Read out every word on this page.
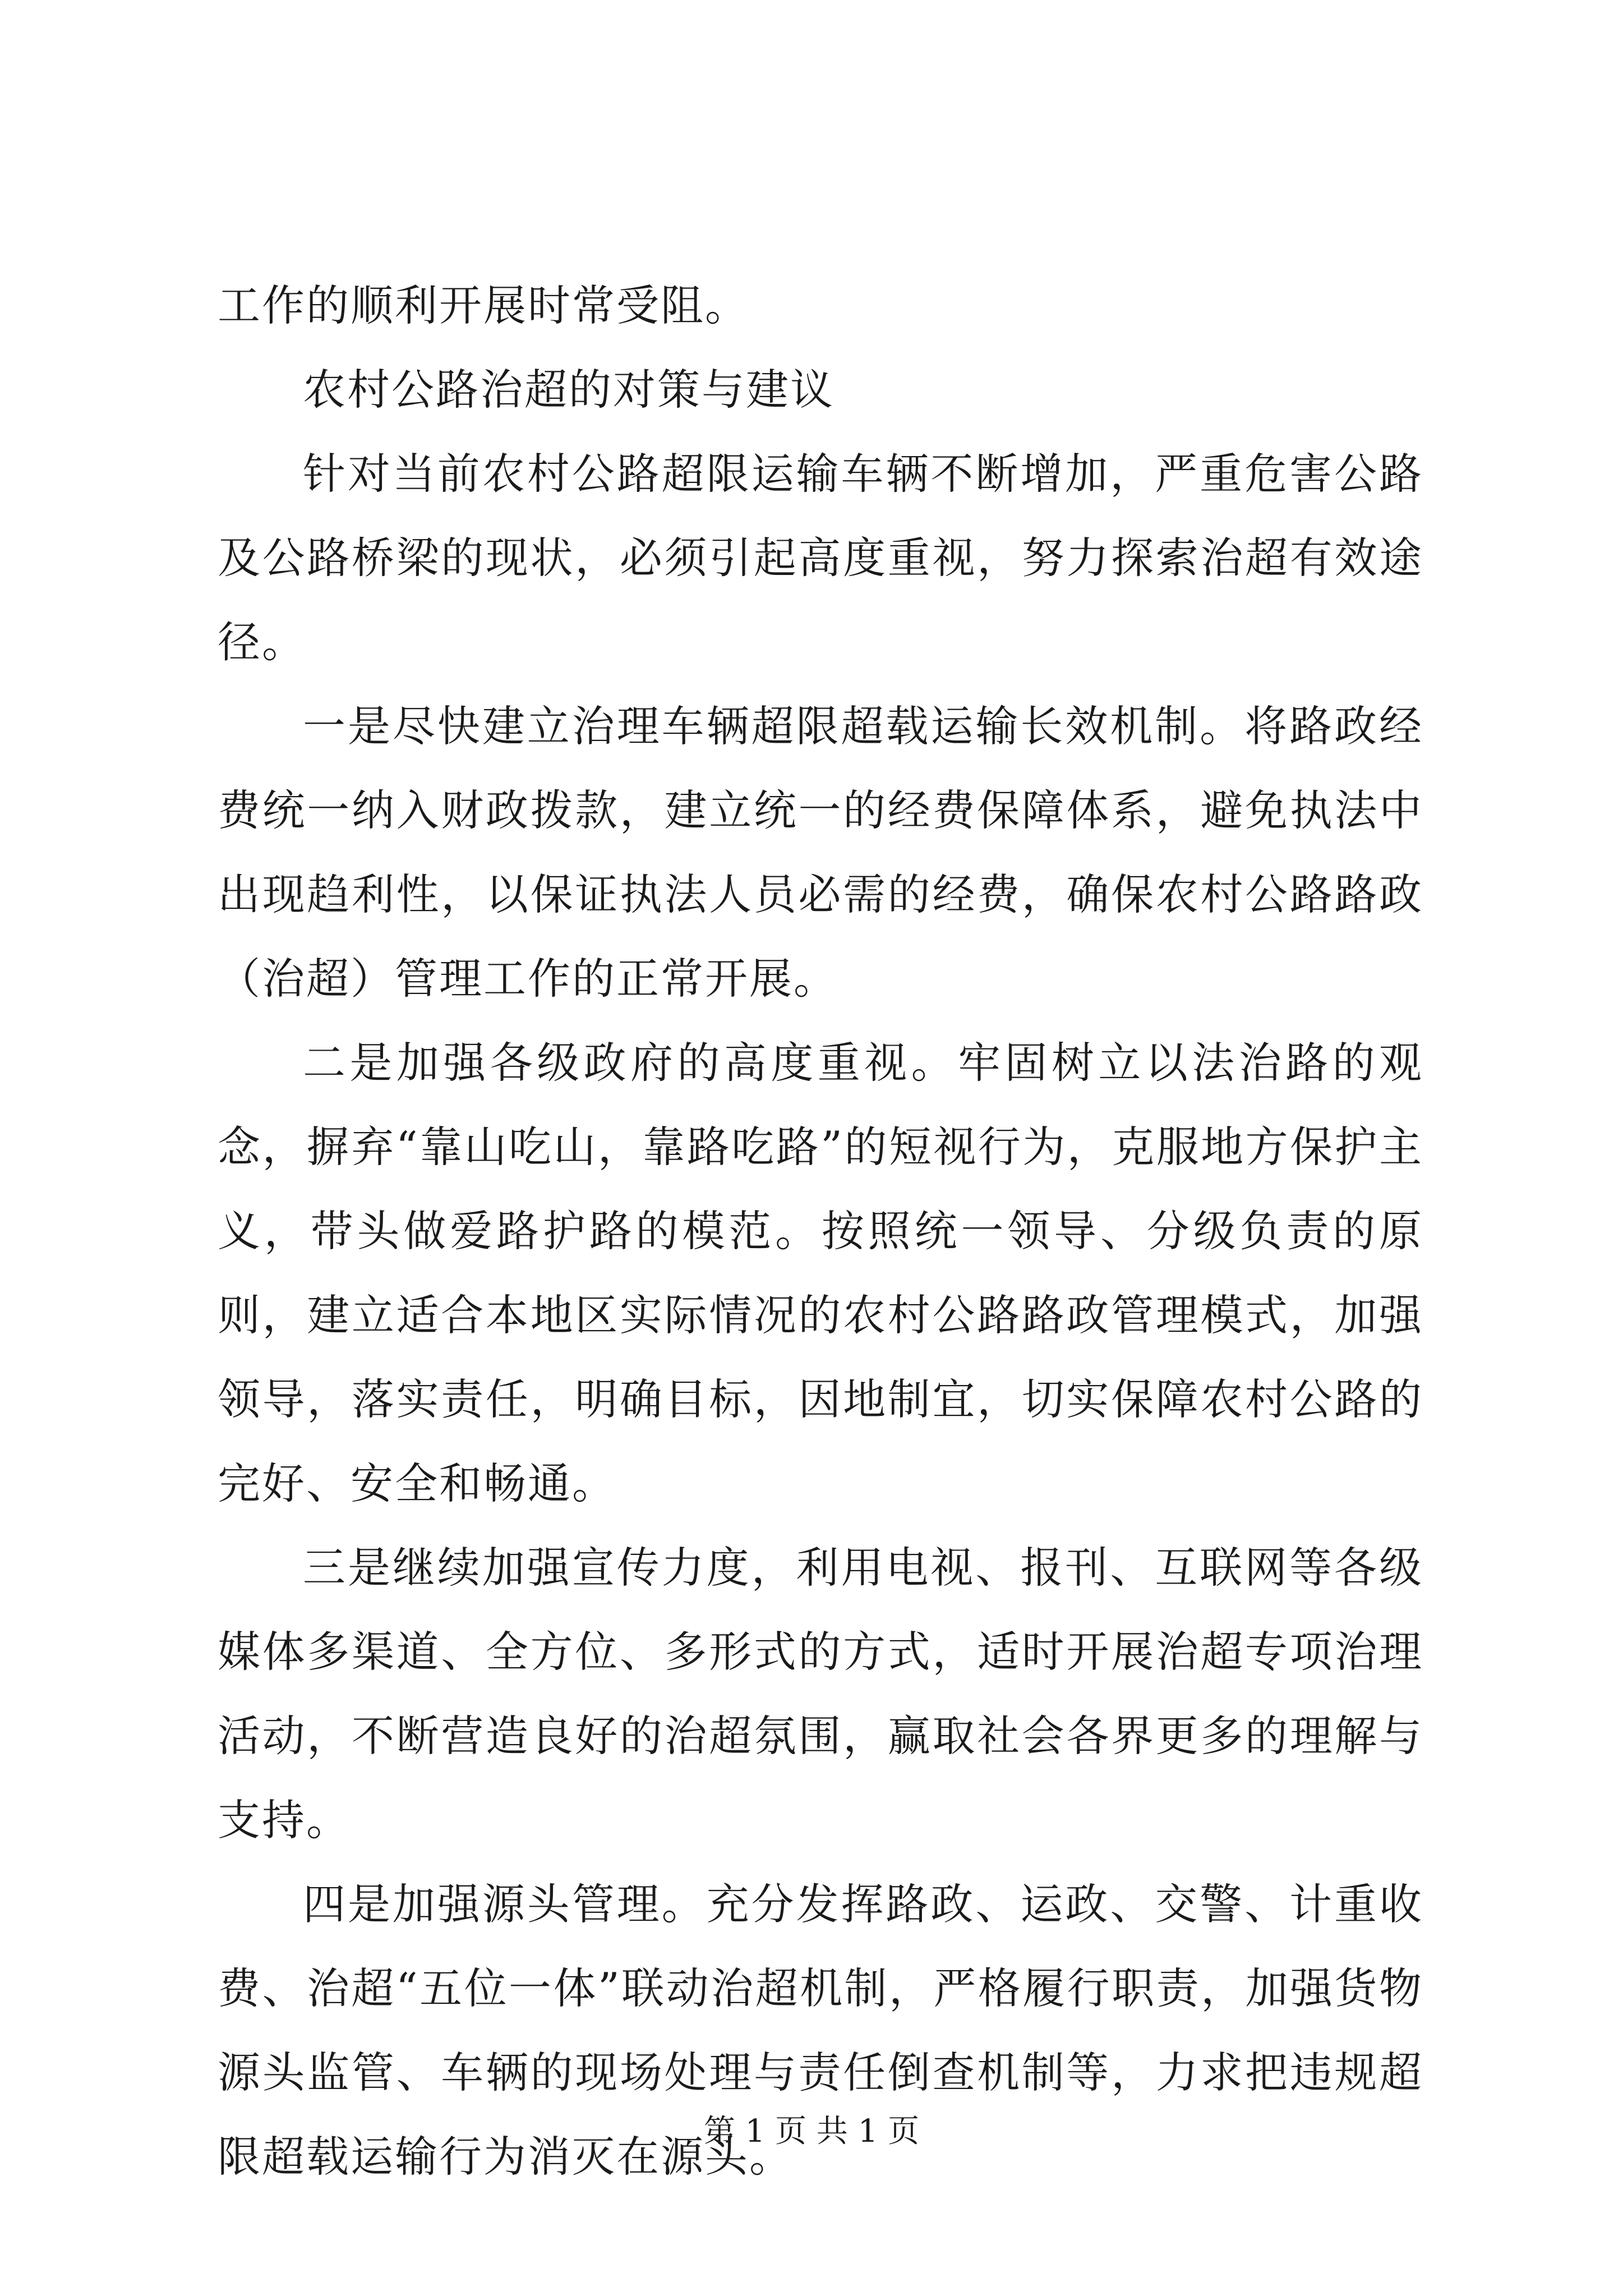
工作的顺利开展时常受阻。

农村公路治超的对策与建议

针对当前农村公路超限运输车辆不断增加，严重危害公路及公路桥梁的现状，必须引起高度重视，努力探索治超有效途径。

一是尽快建立治理车辆超限超载运输长效机制。将路政经费统一纳入财政拨款，建立统一的经费保障体系，避免执法中出现趋利性，以保证执法人员必需的经费，确保农村公路路政（治超）管理工作的正常开展。

二是加强各级政府的高度重视。牢固树立以法治路的观念，摒弃“靠山吃山，靠路吃路”的短视行为，克服地方保护主义，带头做爱路护路的模范。按照统一领导、分级负责的原则，建立适合本地区实际情况的农村公路路政管理模式，加强领导，落实责任，明确目标，因地制宜，切实保障农村公路的完好、安全和畅通。

三是继续加强宣传力度，利用电视、报刊、互联网等各级媒体多渠道、全方位、多形式的方式，适时开展治超专项治理活动，不断营造良好的治超氛围，赢取社会各界更多的理解与支持。

四是加强源头管理。充分发挥路政、运政、交警、计重收费、治超“五位一体”联动治超机制，严格履行职责，加强货物源头监管、车辆的现场处理与责任倒查机制等，力求把违规超限超载运输行为消灭在源头。

第 1 页 共 1 页
